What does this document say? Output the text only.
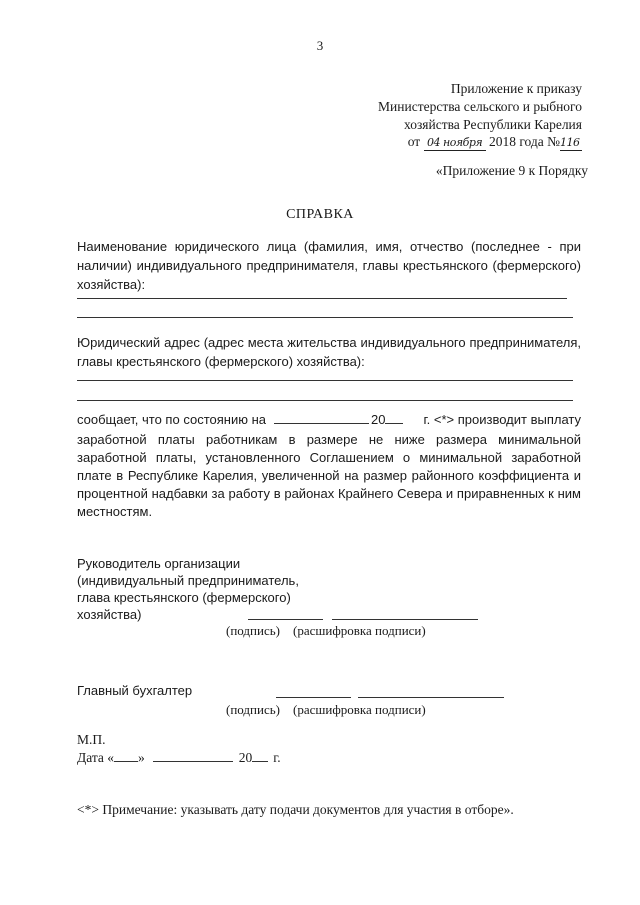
3
Приложение к приказу
Министерства сельского и рыбного
хозяйства Республики Карелия
от 04 ноября 2018 года №116
«Приложение 9 к Порядку
СПРАВКА
Наименование юридического лица (фамилия, имя, отчество (последнее - при наличии) индивидуального предпринимателя, главы крестьянского (фермерского) хозяйства):
Юридический адрес (адрес места жительства индивидуального предпринимателя, главы крестьянского (фермерского) хозяйства):
сообщает, что по состоянию на	20	г. <*> производит выплату
заработной платы работникам в размере не ниже размера минимальной заработной платы, установленного Соглашением о минимальной заработной плате в Республике Карелия, увеличенной на размер районного коэффициента и процентной надбавки за работу в районах Крайнего Севера и приравненных к ним местностям.
Руководитель организации
(индивидуальный предприниматель,
глава крестьянского (фермерского)
хозяйства)
(подпись) (расшифровка подписи)
Главный бухгалтер
(подпись) (расшифровка подписи)
М.П.
Дата « »	20 г.
<*> Примечание: указывать дату подачи документов для участия в отборе».
